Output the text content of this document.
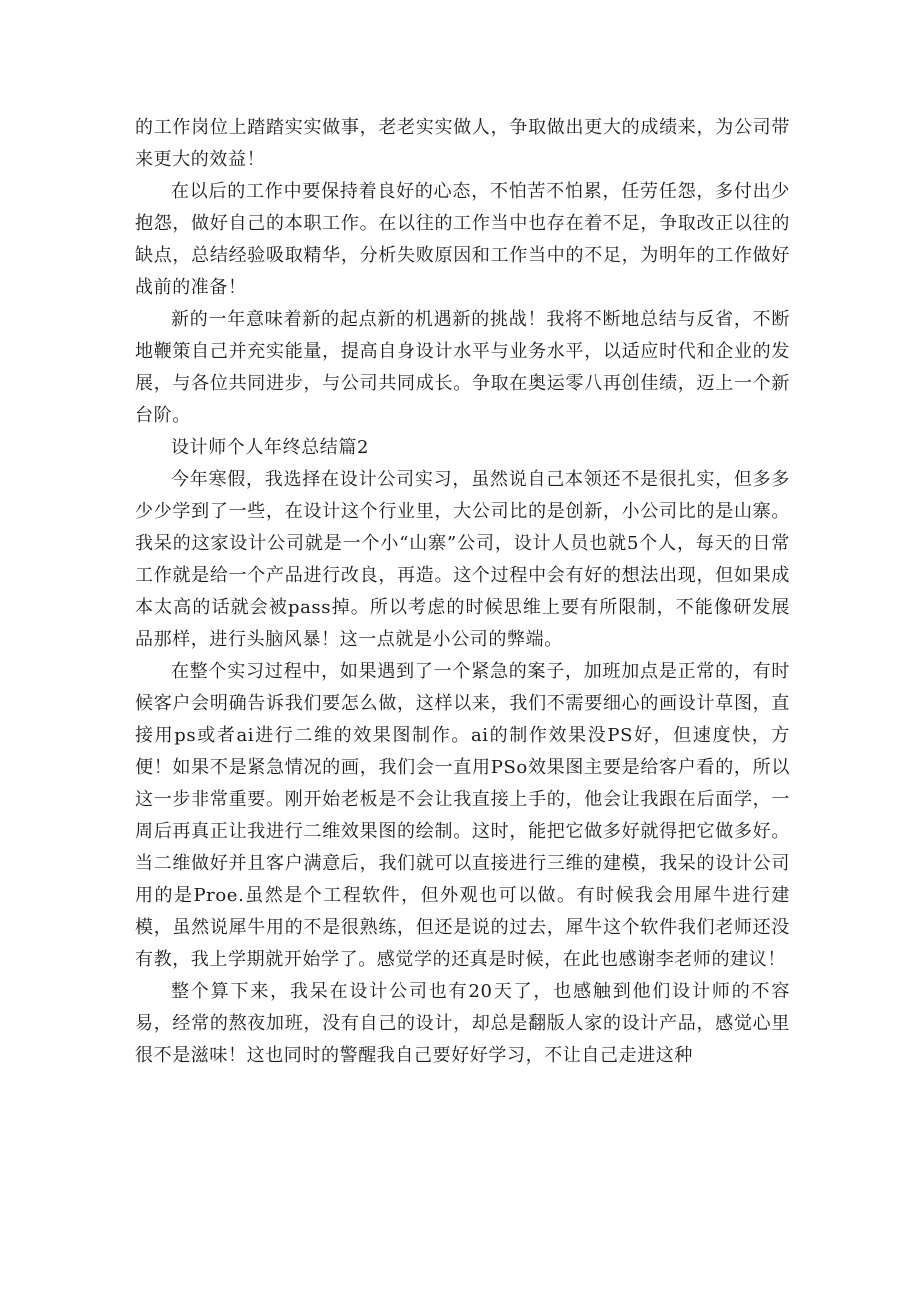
的工作岗位上踏踏实实做事，老老实实做人，争取做出更大的成绩来，为公司带来更大的效益！

在以后的工作中要保持着良好的心态，不怕苦不怕累，任劳任怨，多付出少抱怨，做好自己的本职工作。在以往的工作当中也存在着不足，争取改正以往的缺点，总结经验吸取精华，分析失败原因和工作当中的不足，为明年的工作做好战前的准备！

新的一年意味着新的起点新的机遇新的挑战！我将不断地总结与反省，不断地鞭策自己并充实能量，提高自身设计水平与业务水平，以适应时代和企业的发展，与各位共同进步，与公司共同成长。争取在奥运零八再创佳绩，迈上一个新台阶。

设计师个人年终总结篇2

今年寒假，我选择在设计公司实习，虽然说自己本领还不是很扎实，但多多少少学到了一些，在设计这个行业里，大公司比的是创新，小公司比的是山寨。我呆的这家设计公司就是一个小“山寨”公司，设计人员也就5个人，每天的日常工作就是给一个产品进行改良，再造。这个过程中会有好的想法出现，但如果成本太高的话就会被pass掉。所以考虑的时候思维上要有所限制，不能像研发展品那样，进行头脑风暴！这一点就是小公司的弊端。

在整个实习过程中，如果遇到了一个紧急的案子，加班加点是正常的，有时候客户会明确告诉我们要怎么做，这样以来，我们不需要细心的画设计草图，直接用ps或者ai进行二维的效果图制作。ai的制作效果没PS好，但速度快，方便！如果不是紧急情况的画，我们会一直用PSo效果图主要是给客户看的，所以这一步非常重要。刚开始老板是不会让我直接上手的，他会让我跟在后面学，一周后再真正让我进行二维效果图的绘制。这时，能把它做多好就得把它做多好。当二维做好并且客户满意后，我们就可以直接进行三维的建模，我呆的设计公司用的是Proe.虽然是个工程软件，但外观也可以做。有时候我会用犀牛进行建模，虽然说犀牛用的不是很熟练，但还是说的过去，犀牛这个软件我们老师还没有教，我上学期就开始学了。感觉学的还真是时候，在此也感谢李老师的建议！

整个算下来，我呆在设计公司也有20天了，也感触到他们设计师的不容易，经常的熬夜加班，没有自己的设计，却总是翻版人家的设计产品，感觉心里很不是滋味！这也同时的警醒我自己要好好学习，不让自己走进这种
